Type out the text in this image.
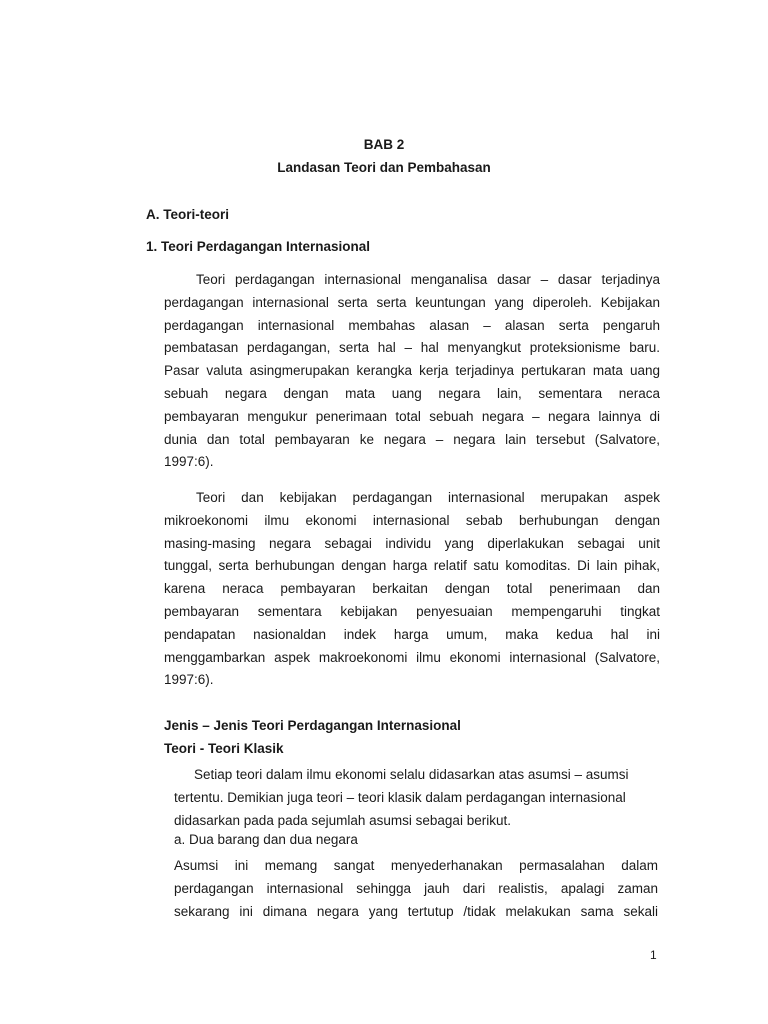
BAB 2

Landasan Teori dan Pembahasan

A. Teori-teori

1. Teori Perdagangan Internasional

Teori perdagangan internasional menganalisa dasar – dasar terjadinya
perdagangan internasional serta serta keuntungan yang diperoleh. Kebijakan
perdagangan internasional membahas alasan – alasan serta pengaruh
pembatasan perdagangan, serta hal – hal menyangkut proteksionisme baru.
Pasar valuta asingmerupakan kerangka kerja terjadinya pertukaran mata uang
sebuah negara dengan mata uang negara lain, sementara neraca
pembayaran mengukur penerimaan total sebuah negara – negara lainnya di
dunia dan total pembayaran ke negara – negara lain tersebut (Salvatore,
1997:6).
Teori dan kebijakan perdagangan internasional merupakan aspek
mikroekonomi ilmu ekonomi internasional sebab berhubungan dengan
masing-masing negara sebagai individu yang diperlakukan sebagai unit
tunggal, serta berhubungan dengan harga relatif satu komoditas. Di lain pihak,
karena neraca pembayaran berkaitan dengan total penerimaan dan
pembayaran sementara kebijakan penyesuaian mempengaruhi tingkat
pendapatan nasionaldan indek harga umum, maka kedua hal ini
menggambarkan aspek makroekonomi ilmu ekonomi internasional (Salvatore,
1997:6).

Jenis – Jenis Teori Perdagangan Internasional

Teori - Teori Klasik

Setiap teori dalam ilmu ekonomi selalu didasarkan atas asumsi – asumsi
tertentu. Demikian juga teori – teori klasik dalam perdagangan internasional
didasarkan pada pada sejumlah asumsi sebagai berikut.

a. Dua barang dan dua negara

Asumsi ini memang sangat menyederhanakan permasalahan dalam
perdagangan internasional sehingga jauh dari realistis, apalagi zaman
sekarang ini dimana negara yang tertutup /tidak melakukan sama sekali

1
